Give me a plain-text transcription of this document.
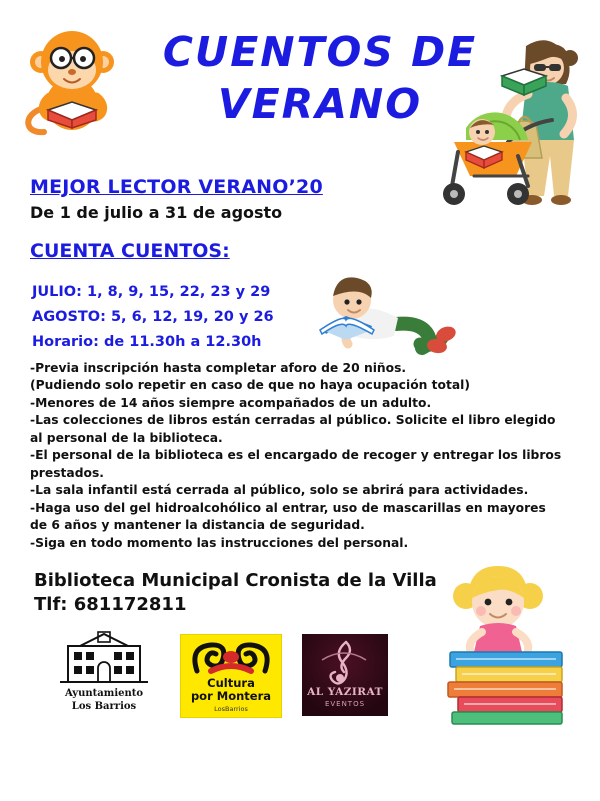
CUENTOS DE
VERANO
MEJOR LECTOR VERANO’20
De 1 de julio a 31 de agosto
CUENTA CUENTOS:
JULIO: 1, 8, 9, 15, 22, 23 y 29
AGOSTO: 5, 6, 12, 19, 20 y 26
Horario: de 11.30h a 12.30h
-Previa inscripción hasta completar aforo de 20 niños.
(Pudiendo solo repetir en caso de que no haya ocupación total)
-Menores de 14 años siempre acompañados de un adulto.
-Las colecciones de libros están cerradas al público. Solicite el libro elegido
al personal de la biblioteca.
-El personal de la biblioteca es el encargado de recoger y entregar los libros
prestados.
-La sala infantil está cerrada al público, solo se abrirá para actividades.
-Haga uso del gel hidroalcohólico al entrar, uso de mascarillas en mayores
de 6 años y mantener la distancia de seguridad.
-Siga en todo momento las instrucciones del personal.
Biblioteca Municipal Cronista de la Villa
Tlf: 681172811
Ayuntamiento
Los Barrios
Cultura
por Montera
LosBarrios
AL YAZIRAT
EVENTOS
